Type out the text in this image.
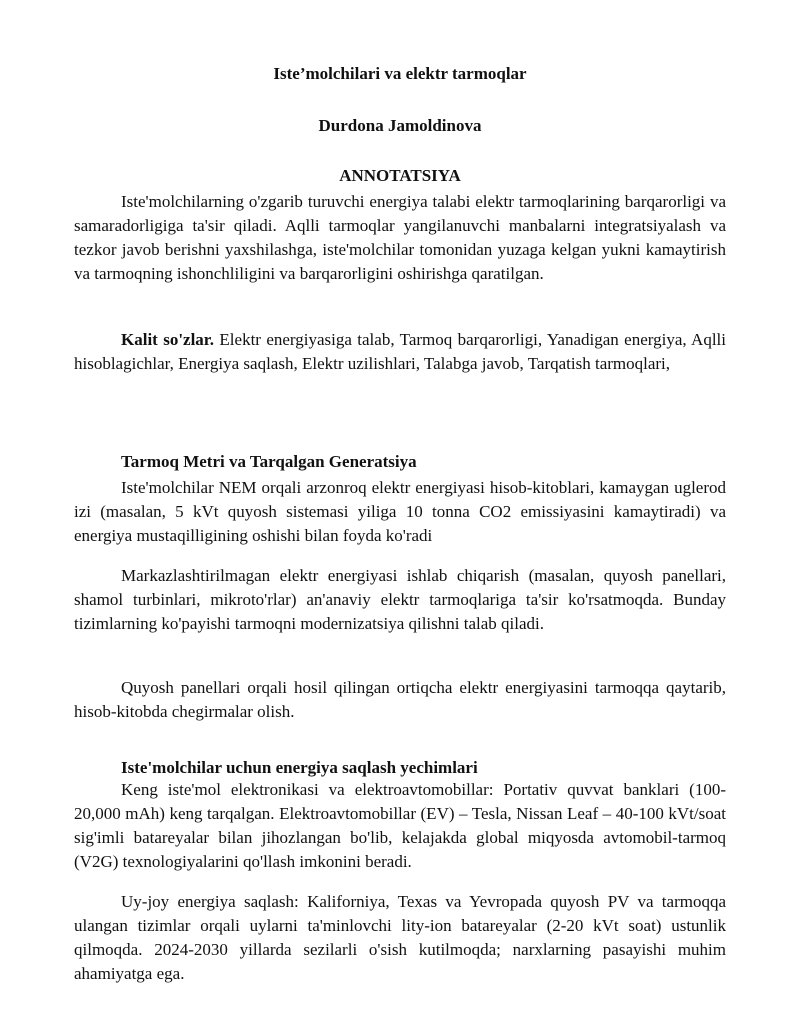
Iste’molchilari va elektr tarmoqlar
Durdona Jamoldinova
ANNOTATSIYA

Iste'molchilarning o'zgarib turuvchi energiya talabi elektr tarmoqlarining barqarorligi va samaradorligiga ta'sir qiladi. Aqlli tarmoqlar yangilanuvchi manbalarni integratsiyalash va tezkor javob berishni yaxshilashga, iste'molchilar tomonidan yuzaga kelgan yukni kamaytirish va tarmoqning ishonchliligini va barqarorligini oshirishga qaratilgan.

Kalit so'zlar. Elektr energiyasiga talab, Tarmoq barqarorligi, Yanadigan energiya, Aqlli hisoblagichlar, Energiya saqlash, Elektr uzilishlari, Talabga javob, Tarqatish tarmoqlari,

Tarmoq Metri va Tarqalgan Generatsiya

Iste'molchilar NEM orqali arzonroq elektr energiyasi hisob-kitoblari, kamaygan uglerod izi (masalan, 5 kVt quyosh sistemasi yiliga 10 tonna CO2 emissiyasini kamaytiradi) va energiya mustaqilligining oshishi bilan foyda ko'radi

Markazlashtirilmagan elektr energiyasi ishlab chiqarish (masalan, quyosh panellari, shamol turbinlari, mikroto'rlar) an'anaviy elektr tarmoqlariga ta'sir ko'rsatmoqda. Bunday tizimlarning ko'payishi tarmoqni modernizatsiya qilishni talab qiladi.

Quyosh panellari orqali hosil qilingan ortiqcha elektr energiyasini tarmoqqa qaytarib, hisob-kitobda chegirmalar olish.

Iste'molchilar uchun energiya saqlash yechimlari

Keng iste'mol elektronikasi va elektroavtomobillar: Portativ quvvat banklari (100-20,000 mAh) keng tarqalgan. Elektroavtomobillar (EV) – Tesla, Nissan Leaf – 40-100 kVt/soat sig'imli batareyalar bilan jihozlangan bo'lib, kelajakda global miqyosda avtomobil-tarmoq (V2G) texnologiyalarini qo'llash imkonini beradi.

Uy-joy energiya saqlash: Kaliforniya, Texas va Yevropada quyosh PV va tarmoqqa ulangan tizimlar orqali uylarni ta'minlovchi lity-ion batareyalar (2-20 kVt soat) ustunlik qilmoqda. 2024-2030 yillarda sezilarli o'sish kutilmoqda; narxlarning pasayishi muhim ahamiyatga ega.
